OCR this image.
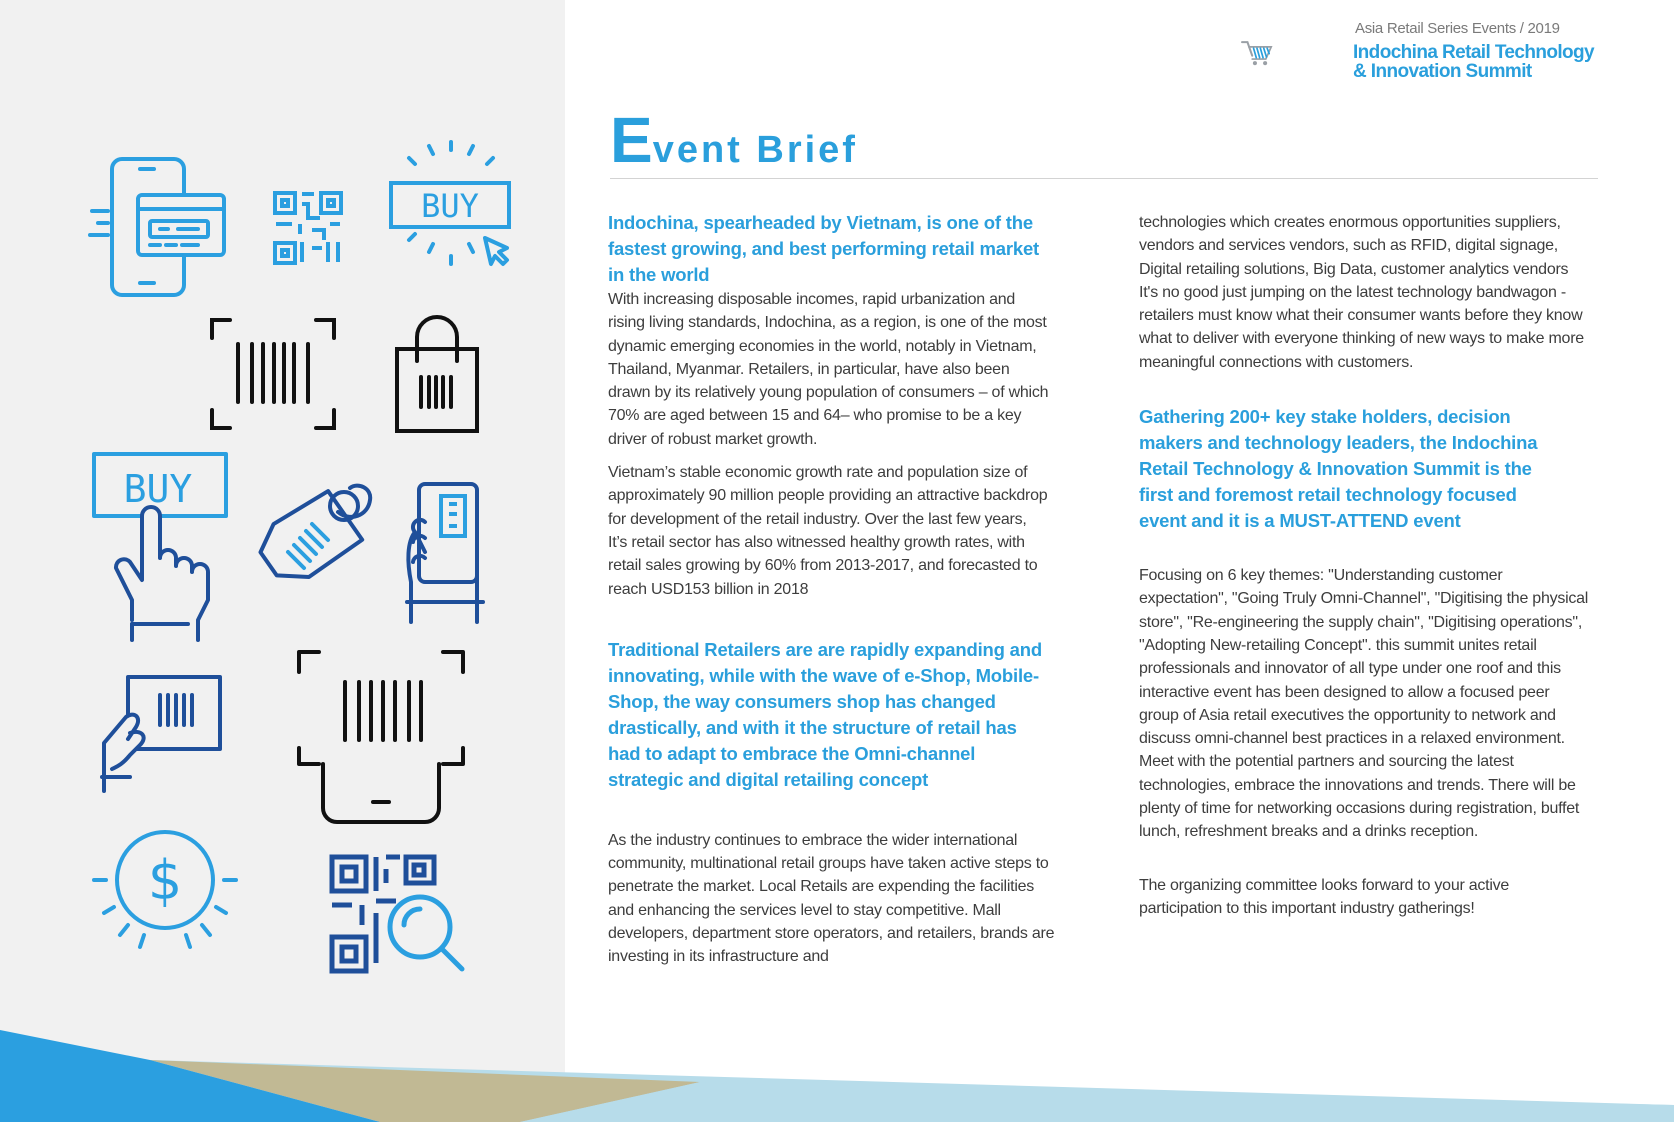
BUY
BUY
$
Asia Retail Series Events / 2019
Indochina Retail Technology
& Innovation Summit
Event Brief

Indochina, spearheaded by Vietnam, is one of the fastest growing, and best performing retail market in the world

With increasing disposable incomes, rapid urbanization and rising living standards, Indochina, as a region, is one of the most dynamic emerging economies in the world, notably in Vietnam, Thailand, Myanmar. Retailers, in particular, have also been drawn by its relatively young population of consumers – of which 70% are aged between 15 and 64– who promise to be a key driver of robust market growth.

Vietnam’s stable economic growth rate and population size of approximately 90 million people providing an attractive backdrop for development of the retail industry. Over the last few years, It’s retail sector has also witnessed healthy growth rates, with retail sales growing by 60% from 2013-2017, and forecasted to reach USD153 billion in 2018

Traditional Retailers are are rapidly expanding and innovating, while with the wave of e-Shop, Mobile-Shop, the way consumers shop has changed drastically, and with it the structure of retail has had to adapt to embrace the Omni-channel strategic and digital retailing concept

As the industry continues to embrace the wider international community, multinational retail groups have taken active steps to penetrate the market. Local Retails are expending the facilities and enhancing the services level to stay competitive. Mall developers, department store operators, and retailers, brands are investing in its infrastructure and

technologies which creates enormous opportunities suppliers, vendors and services vendors, such as RFID, digital signage, Digital retailing solutions, Big Data, customer analytics vendors It's no good just jumping on the latest technology bandwagon - retailers must know what their consumer wants before they know what to deliver with everyone thinking of new ways to make more meaningful connections with customers.

Gathering 200+ key stake holders, decision makers and technology leaders, the Indochina Retail Technology & Innovation Summit is the first and foremost retail technology focused event and it is a MUST-ATTEND event

Focusing on 6 key themes: "Understanding customer expectation", "Going Truly Omni-Channel", "Digitising the physical store", "Re-engineering the supply chain", "Digitising operations", "Adopting New-retailing Concept". this summit unites retail professionals and innovator of all type under one roof and this interactive event has been designed to allow a focused peer group of Asia retail executives the opportunity to network and discuss omni-channel best practices in a relaxed environment. Meet with the potential partners and sourcing the latest technologies, embrace the innovations and trends. There will be plenty of time for networking occasions during registration, buffet lunch, refreshment breaks and a drinks reception.

The organizing committee looks forward to your active participation to this important industry gatherings!
